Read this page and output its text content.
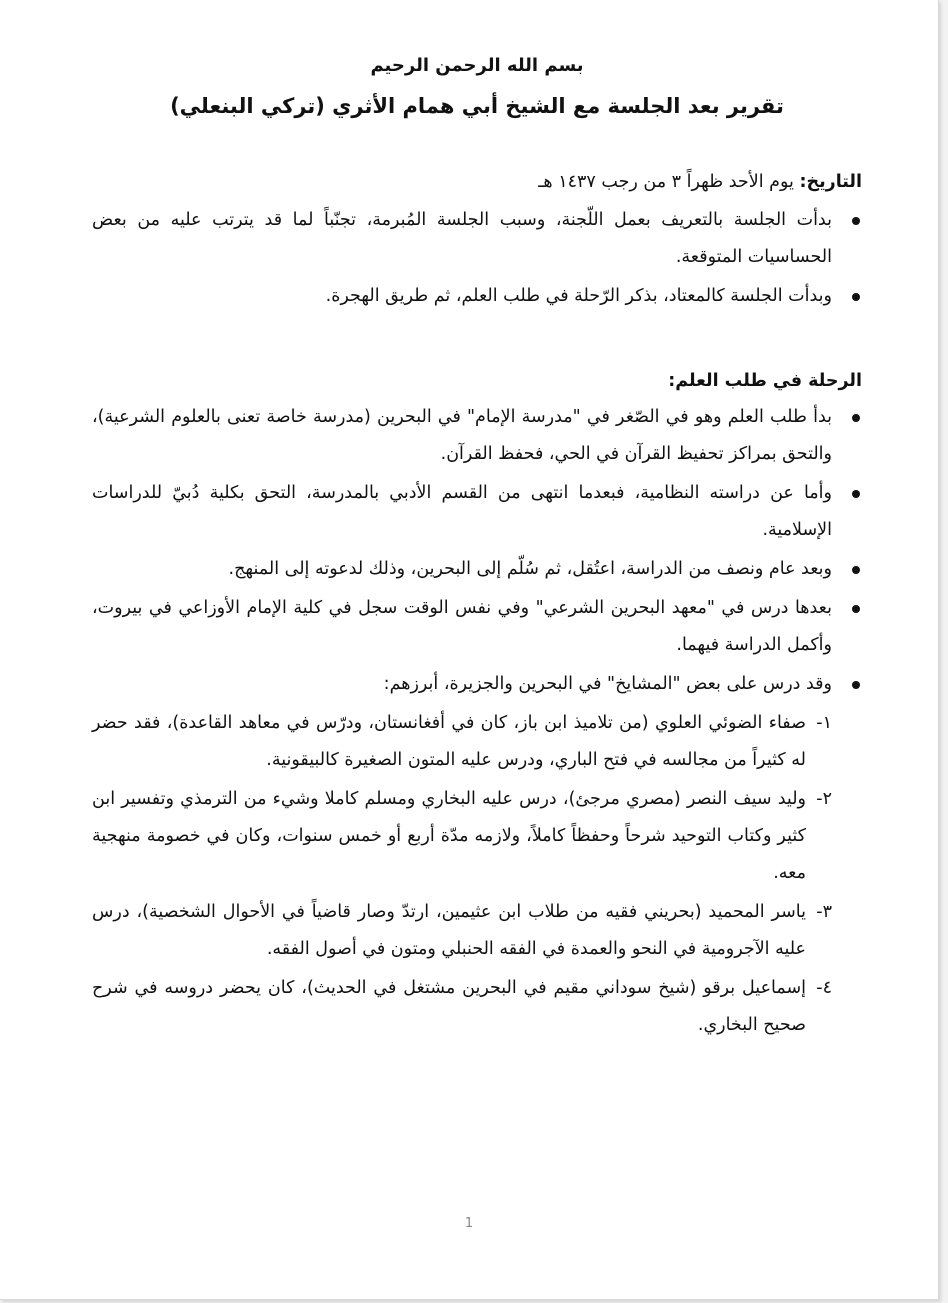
بسم الله الرحمن الرحيم
تقرير بعد الجلسة مع الشيخ أبي همام الأثري (تركي البنعلي)
التاريخ: يوم الأحد ظهراً ٣ من رجب ١٤٣٧ هـ
بدأت الجلسة بالتعريف بعمل اللّجنة، وسبب الجلسة المُبرمة، تجنّباً لما قد يترتب عليه من بعض الحساسيات المتوقعة.
وبدأت الجلسة كالمعتاد، بذكر الرّحلة في طلب العلم، ثم طريق الهجرة.
الرحلة في طلب العلم:
بدأ طلب العلم وهو في الصّغر في "مدرسة الإمام" في البحرين (مدرسة خاصة تعنى بالعلوم الشرعية)، والتحق بمراكز تحفيظ القرآن في الحي، فحفظ القرآن.
وأما عن دراسته النظامية، فبعدما انتهى من القسم الأدبي بالمدرسة، التحق بكلية دُبيّ للدراسات الإسلامية.
وبعد عام ونصف من الدراسة، اعتُقل، ثم سُلّم إلى البحرين، وذلك لدعوته إلى المنهج.
بعدها درس في "معهد البحرين الشرعي" وفي نفس الوقت سجل في كلية الإمام الأوزاعي في بيروت، وأكمل الدراسة فيهما.
وقد درس على بعض "المشايخ" في البحرين والجزيرة، أبرزهم:
١-
صفاء الضوئي العلوي (من تلاميذ ابن باز، كان في أفغانستان، ودرّس في معاهد القاعدة)، فقد حضر له كثيراً من مجالسه في فتح الباري، ودرس عليه المتون الصغيرة كالبيقونية.
٢-
وليد سيف النصر (مصري مرجئ)، درس عليه البخاري ومسلم كاملا وشيء من الترمذي وتفسير ابن كثير وكتاب التوحيد شرحاً وحفظاً كاملاً، ولازمه مدّة أربع أو خمس سنوات، وكان في خصومة منهجية معه.
٣-
ياسر المحميد (بحريني فقيه من طلاب ابن عثيمين، ارتدّ وصار قاضياً في الأحوال الشخصية)، درس عليه الآجرومية في النحو والعمدة في الفقه الحنبلي ومتون في أصول الفقه.
٤-
إسماعيل برقو (شيخ سوداني مقيم في البحرين مشتغل في الحديث)، كان يحضر دروسه في شرح صحيح البخاري.
1
